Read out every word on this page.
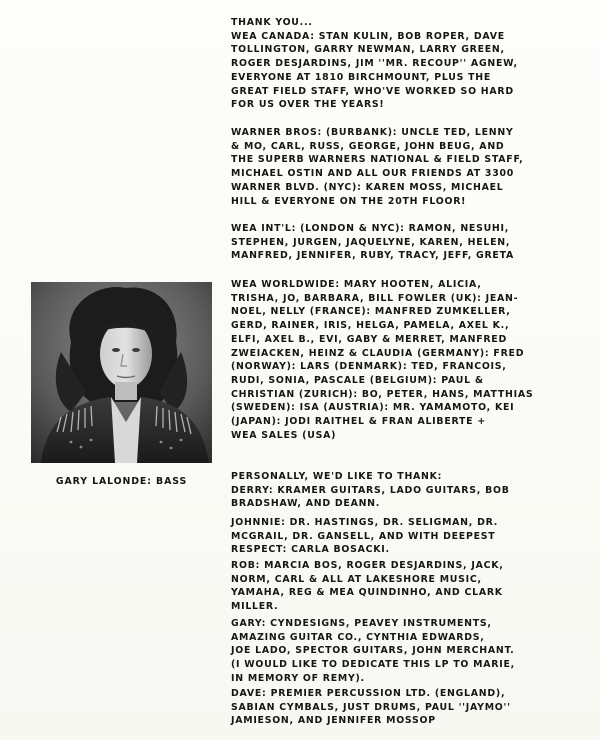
GARY LALONDE: BASS
THANK YOU...
WEA CANADA: STAN KULIN, BOB ROPER, DAVE
TOLLINGTON, GARRY NEWMAN, LARRY GREEN,
ROGER DESJARDINS, JIM ''MR. RECOUP'' AGNEW,
EVERYONE AT 1810 BIRCHMOUNT, PLUS THE
GREAT FIELD STAFF, WHO'VE WORKED SO HARD
FOR US OVER THE YEARS!
WARNER BROS: (BURBANK): UNCLE TED, LENNY
& MO, CARL, RUSS, GEORGE, JOHN BEUG, AND
THE SUPERB WARNERS NATIONAL & FIELD STAFF,
MICHAEL OSTIN AND ALL OUR FRIENDS AT 3300
WARNER BLVD. (NYC): KAREN MOSS, MICHAEL
HILL & EVERYONE ON THE 20TH FLOOR!
WEA INT'L: (LONDON & NYC): RAMON, NESUHI,
STEPHEN, JURGEN, JAQUELYNE, KAREN, HELEN,
MANFRED, JENNIFER, RUBY, TRACY, JEFF, GRETA
WEA WORLDWIDE: MARY HOOTEN, ALICIA,
TRISHA, JO, BARBARA, BILL FOWLER (UK): JEAN-
NOEL, NELLY (FRANCE): MANFRED ZUMKELLER,
GERD, RAINER, IRIS, HELGA, PAMELA, AXEL K.,
ELFI, AXEL B., EVI, GABY & MERRET, MANFRED
ZWEIACKEN, HEINZ & CLAUDIA (GERMANY): FRED
(NORWAY): LARS (DENMARK): TED, FRANCOIS,
RUDI, SONIA, PASCALE (BELGIUM): PAUL &
CHRISTIAN (ZURICH): BO, PETER, HANS, MATTHIAS
(SWEDEN): ISA (AUSTRIA): MR. YAMAMOTO, KEI
(JAPAN): JODI RAITHEL & FRAN ALIBERTE +
WEA SALES (USA)
PERSONALLY, WE'D LIKE TO THANK:
DERRY: KRAMER GUITARS, LADO GUITARS, BOB
BRADSHAW, AND DEANN.
JOHNNIE: DR. HASTINGS, DR. SELIGMAN, DR.
MCGRAIL, DR. GANSELL, AND WITH DEEPEST
RESPECT: CARLA BOSACKI.
ROB: MARCIA BOS, ROGER DESJARDINS, JACK,
NORM, CARL & ALL AT LAKESHORE MUSIC,
YAMAHA, REG & MEA QUINDINHO, AND CLARK
MILLER.
GARY: CYNDESIGNS, PEAVEY INSTRUMENTS,
AMAZING GUITAR CO., CYNTHIA EDWARDS,
JOE LADO, SPECTOR GUITARS, JOHN MERCHANT.
(I WOULD LIKE TO DEDICATE THIS LP TO MARIE,
IN MEMORY OF REMY).
DAVE: PREMIER PERCUSSION LTD. (ENGLAND),
SABIAN CYMBALS, JUST DRUMS, PAUL ''JAYMO''
JAMIESON, AND JENNIFER MOSSOP
